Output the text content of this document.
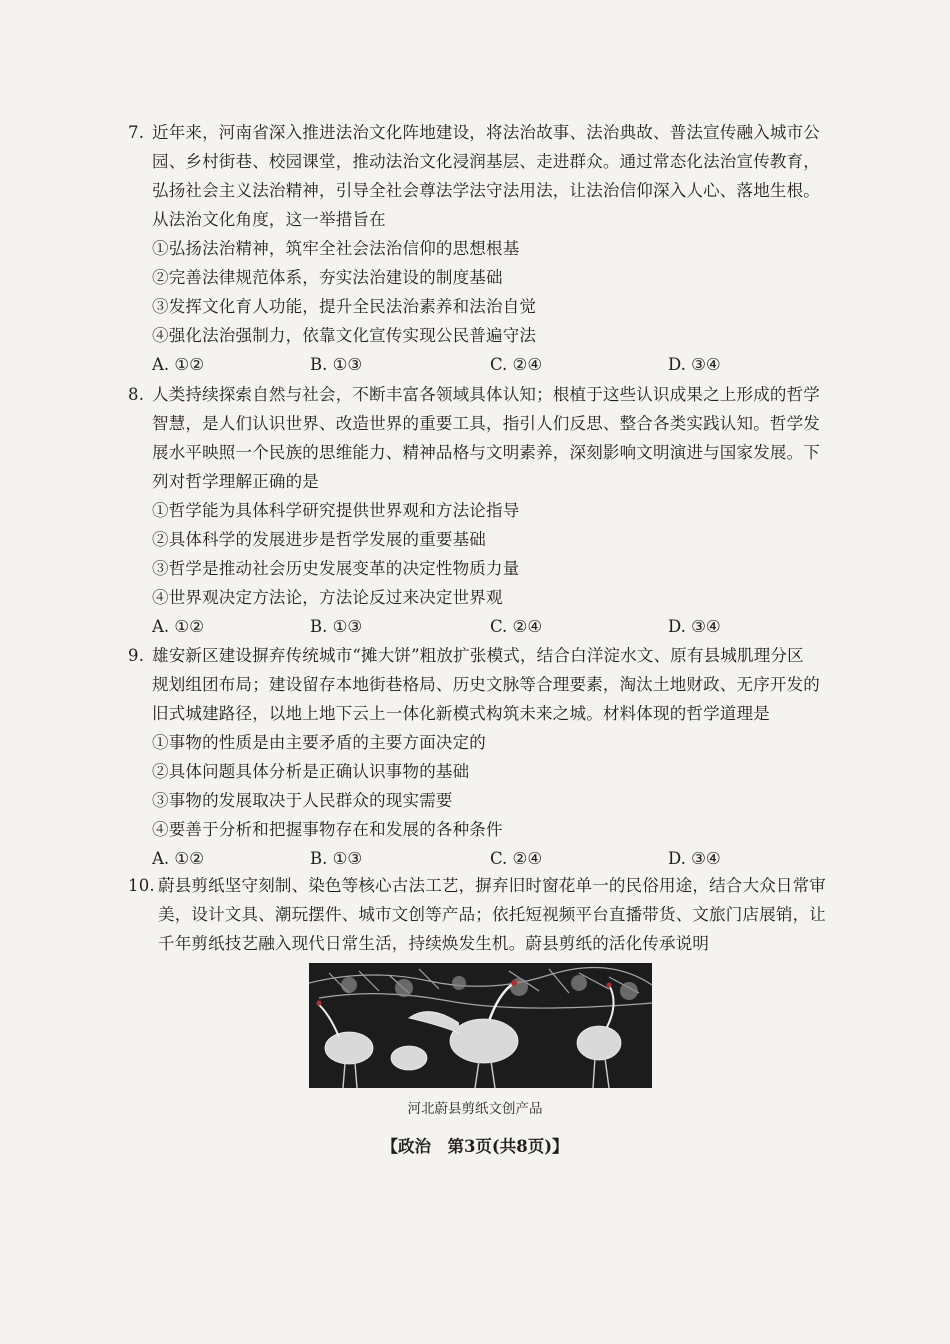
7. 近年来，河南省深入推进法治文化阵地建设，将法治故事、法治典故、普法宣传融入城市公
园、乡村街巷、校园课堂，推动法治文化浸润基层、走进群众。通过常态化法治宣传教育，
弘扬社会主义法治精神，引导全社会尊法学法守法用法，让法治信仰深入人心、落地生根。
从法治文化角度，这一举措旨在
①弘扬法治精神，筑牢全社会法治信仰的思想根基
②完善法律规范体系，夯实法治建设的制度基础
③发挥文化育人功能，提升全民法治素养和法治自觉
④强化法治强制力，依靠文化宣传实现公民普遍守法
A. ①②	B. ①③	C. ②④	D. ③④
8. 人类持续探索自然与社会，不断丰富各领域具体认知；根植于这些认识成果之上形成的哲学
智慧，是人们认识世界、改造世界的重要工具，指引人们反思、整合各类实践认知。哲学发
展水平映照一个民族的思维能力、精神品格与文明素养，深刻影响文明演进与国家发展。下
列对哲学理解正确的是
①哲学能为具体科学研究提供世界观和方法论指导
②具体科学的发展进步是哲学发展的重要基础
③哲学是推动社会历史发展变革的决定性物质力量
④世界观决定方法论，方法论反过来决定世界观
A. ①②	B. ①③	C. ②④	D. ③④
9. 雄安新区建设摒弃传统城市“摊大饼”粗放扩张模式，结合白洋淀水文、原有县城肌理分区
规划组团布局；建设留存本地街巷格局、历史文脉等合理要素，淘汰土地财政、无序开发的
旧式城建路径，以地上地下云上一体化新模式构筑未来之城。材料体现的哲学道理是
①事物的性质是由主要矛盾的主要方面决定的
②具体问题具体分析是正确认识事物的基础
③事物的发展取决于人民群众的现实需要
④要善于分析和把握事物存在和发展的各种条件
A. ①②	B. ①③	C. ②④	D. ③④
10. 蔚县剪纸坚守刻制、染色等核心古法工艺，摒弃旧时窗花单一的民俗用途，结合大众日常审
美，设计文具、潮玩摆件、城市文创等产品；依托短视频平台直播带货、文旅门店展销，让
千年剪纸技艺融入现代日常生活，持续焕发生机。蔚县剪纸的活化传承说明
河北蔚县剪纸文创产品
【政治　第3页(共8页)】
